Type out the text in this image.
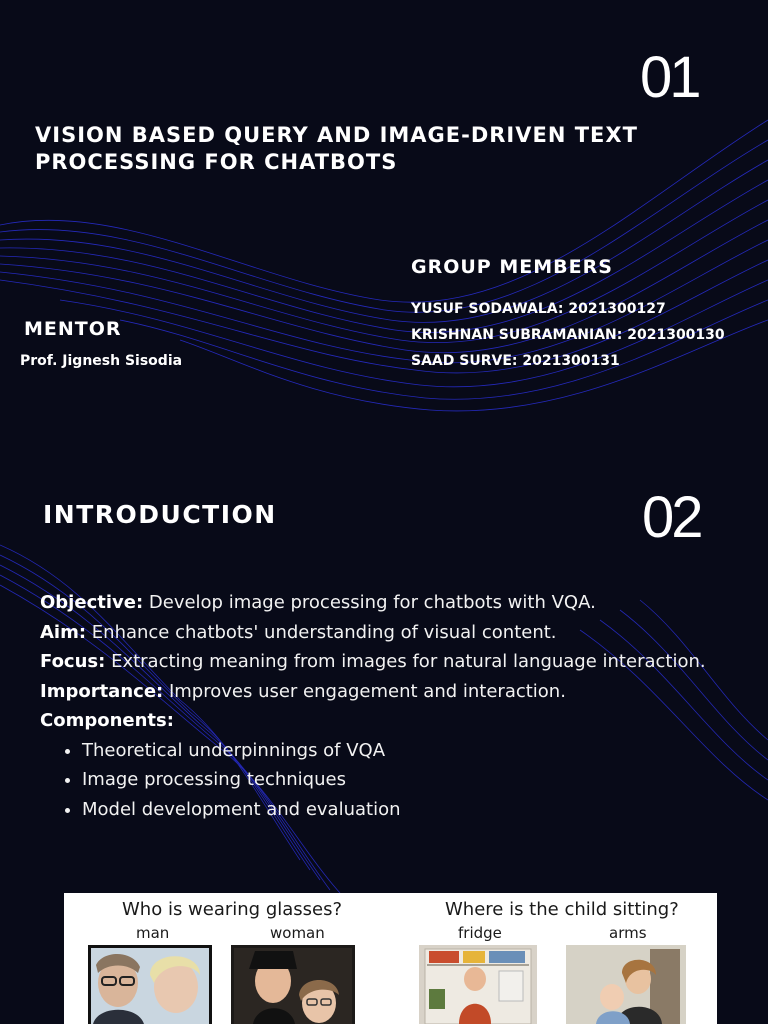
01
VISION BASED QUERY AND IMAGE-DRIVEN TEXT PROCESSING FOR CHATBOTS
GROUP MEMBERS
YUSUF SODAWALA: 2021300127
KRISHNAN SUBRAMANIAN: 2021300130
SAAD SURVE: 2021300131
MENTOR
Prof. Jignesh Sisodia
INTRODUCTION	02

Objective: Develop image processing for chatbots with VQA.

Aim: Enhance chatbots' understanding of visual content.

Focus: Extracting meaning from images for natural language interaction.

Importance: Improves user engagement and interaction.

Components:

• Theoretical underpinnings of VQA
• Image processing techniques
• Model development and evaluation
Who is wearing glasses?	Where is the child sitting?
man	woman	fridge	arms
